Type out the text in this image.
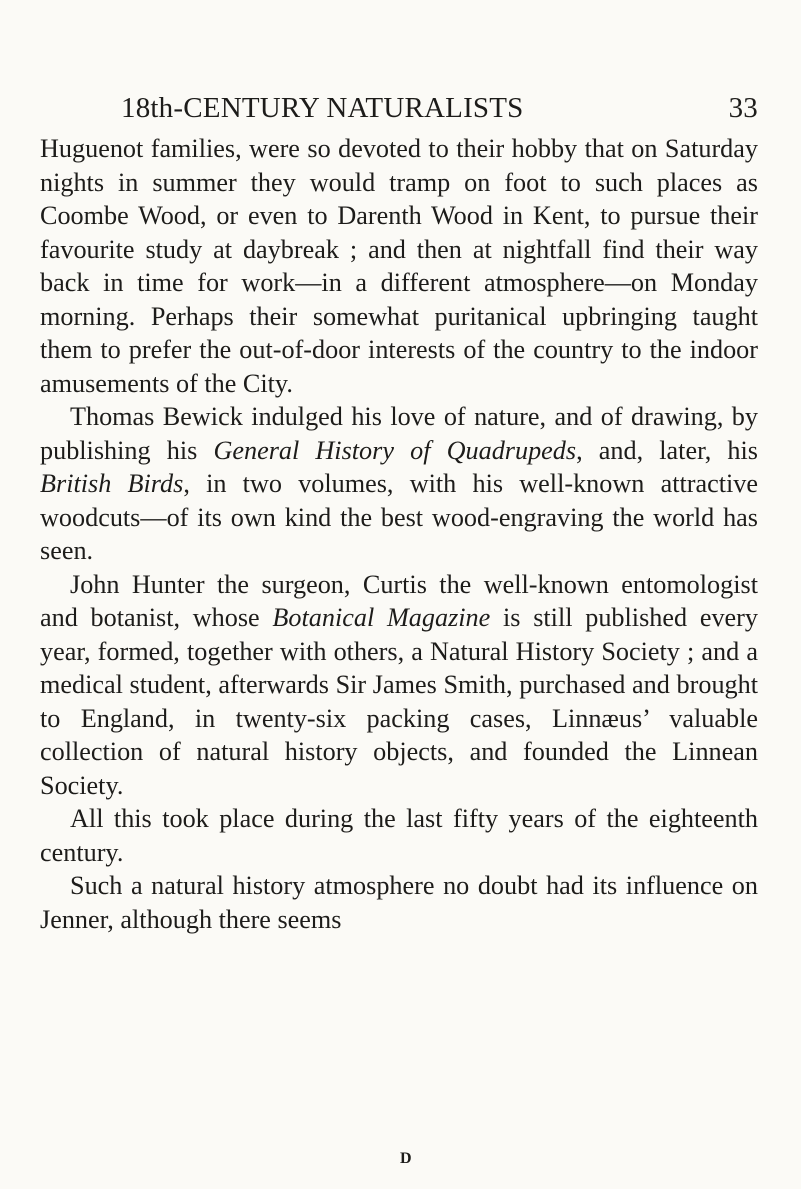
18th-CENTURY NATURALISTS	33

Huguenot families, were so devoted to their hobby that on Saturday nights in summer they would tramp on foot to such places as Coombe Wood, or even to Darenth Wood in Kent, to pursue their favourite study at daybreak ; and then at nightfall find their way back in time for work—in a different atmosphere—on Monday morning. Perhaps their somewhat puritanical upbringing taught them to prefer the out-of-door interests of the country to the indoor amusements of the City.

Thomas Bewick indulged his love of nature, and of drawing, by publishing his General History of Quadrupeds, and, later, his British Birds, in two volumes, with his well-known attractive woodcuts—of its own kind the best wood-engraving the world has seen.

John Hunter the surgeon, Curtis the well-known entomologist and botanist, whose Botanical Magazine is still published every year, formed, together with others, a Natural History Society ; and a medical student, afterwards Sir James Smith, purchased and brought to England, in twenty-six packing cases, Linnæus’ valuable collection of natural history objects, and founded the Linnean Society.

All this took place during the last fifty years of the eighteenth century.

Such a natural history atmosphere no doubt had its influence on Jenner, although there seems

D
